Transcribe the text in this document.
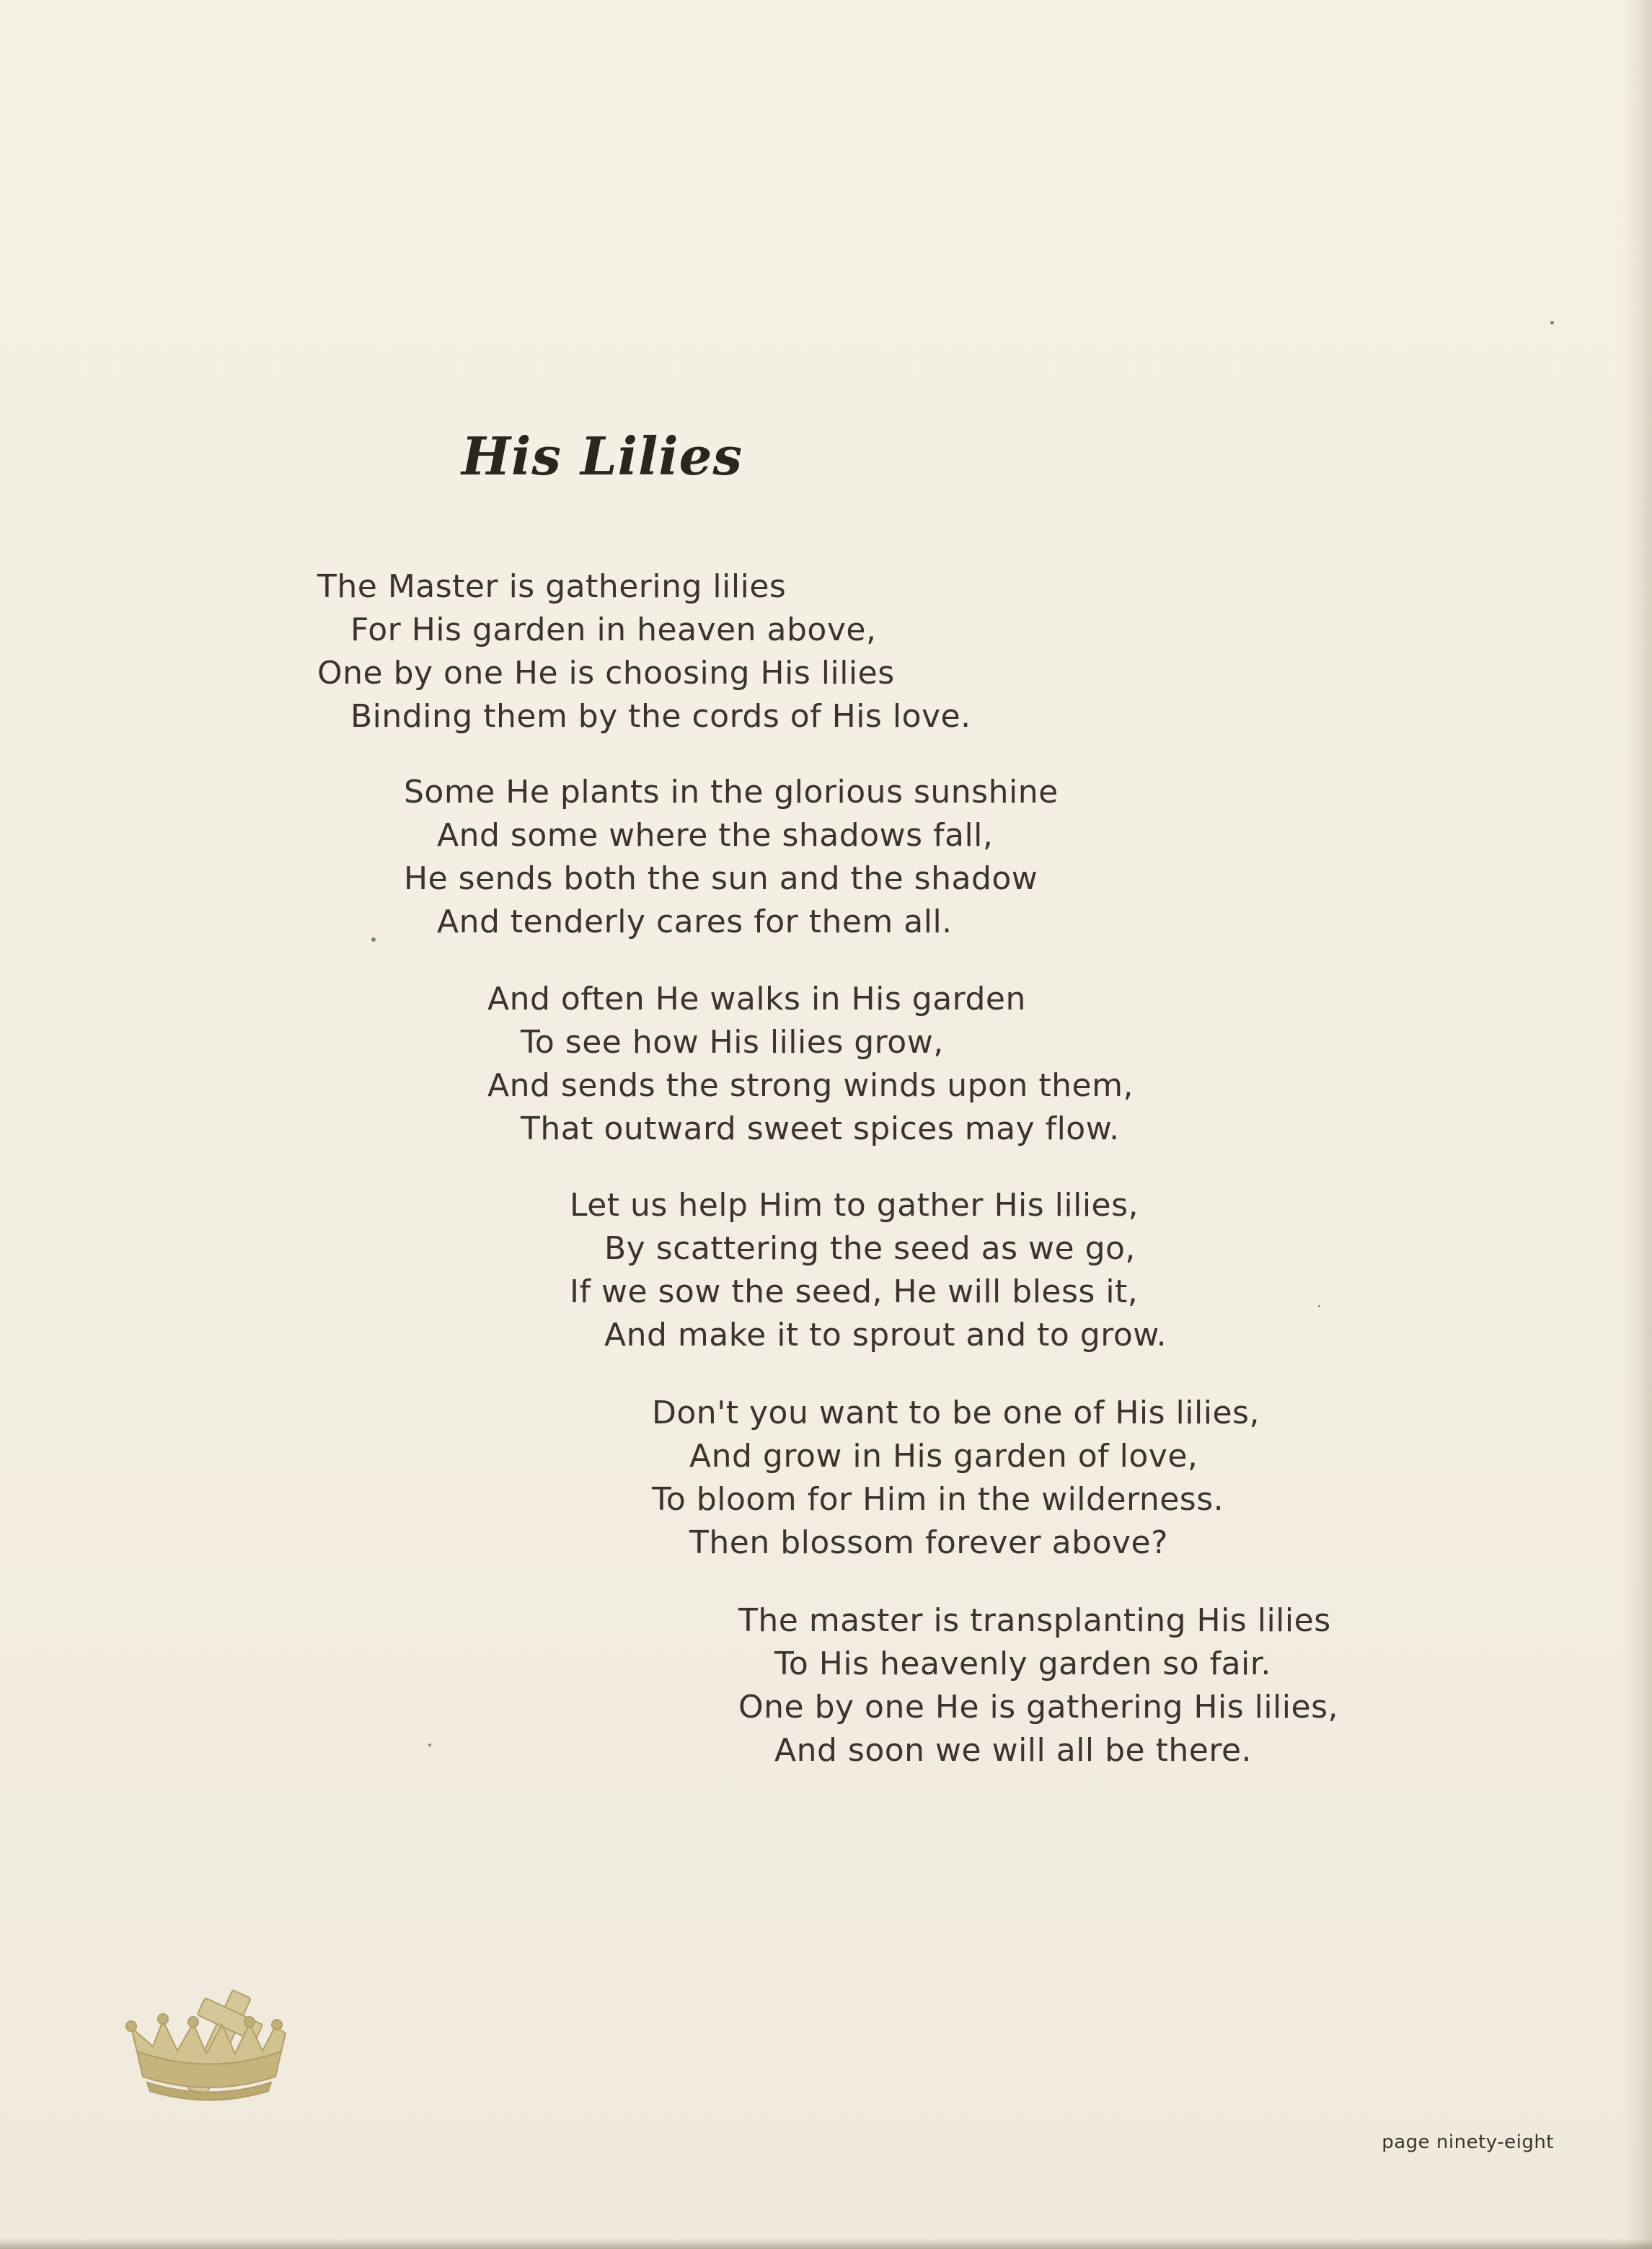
His Lilies
The Master is gathering lilies
For His garden in heaven above,
One by one He is choosing His lilies
Binding them by the cords of His love.
Some He plants in the glorious sunshine
And some where the shadows fall,
He sends both the sun and the shadow
And tenderly cares for them all.
And often He walks in His garden
To see how His lilies grow,
And sends the strong winds upon them,
That outward sweet spices may flow.
Let us help Him to gather His lilies,
By scattering the seed as we go,
If we sow the seed, He will bless it,
And make it to sprout and to grow.
Don't you want to be one of His lilies,
And grow in His garden of love,
To bloom for Him in the wilderness.
Then blossom forever above?
The master is transplanting His lilies
To His heavenly garden so fair.
One by one He is gathering His lilies,
And soon we will all be there.
page ninety-eight
